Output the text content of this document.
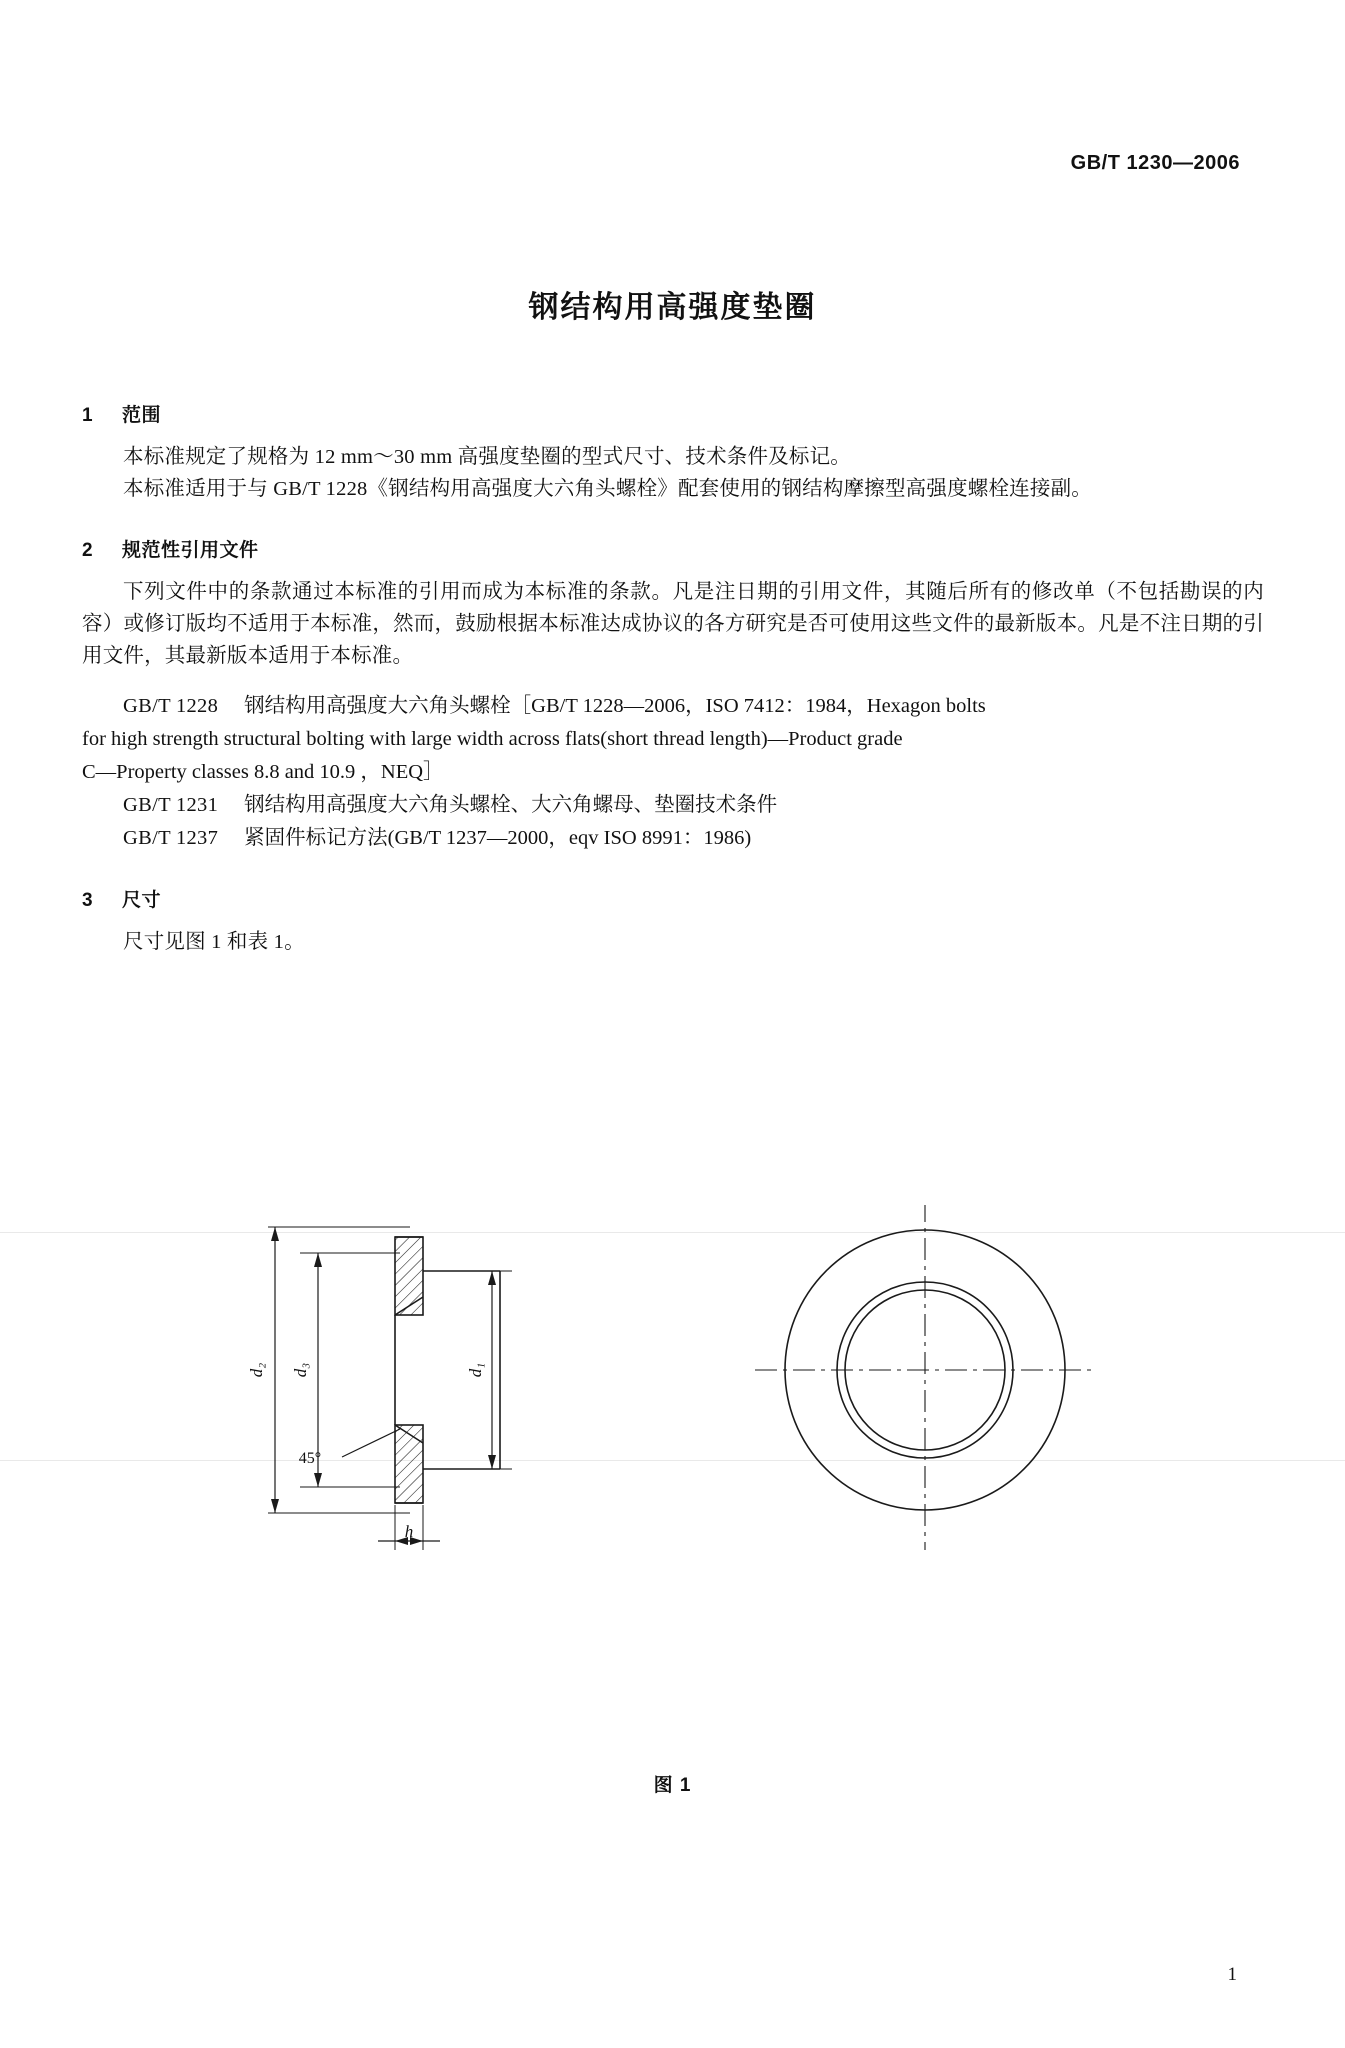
GB/T 1230—2006
钢结构用高强度垫圈
1 范围

本标准规定了规格为 12 mm～30 mm 高强度垫圈的型式尺寸、技术条件及标记。

本标准适用于与 GB/T 1228《钢结构用高强度大六角头螺栓》配套使用的钢结构摩擦型高强度螺栓连接副。

2 规范性引用文件

下列文件中的条款通过本标准的引用而成为本标准的条款。凡是注日期的引用文件，其随后所有的修改单（不包括勘误的内容）或修订版均不适用于本标准，然而，鼓励根据本标准达成协议的各方研究是否可使用这些文件的最新版本。凡是不注日期的引用文件，其最新版本适用于本标准。

GB/T 1228 钢结构用高强度大六角头螺栓［GB/T 1228—2006，ISO 7412：1984，Hexagon bolts

for high strength structural bolting with large width across flats(short thread length)—Product grade

C—Property classes 8.8 and 10.9 ，NEQ］

GB/T 1231 钢结构用高强度大六角头螺栓、大六角螺母、垫圈技术条件

GB/T 1237 紧固件标记方法(GB/T 1237—2000，eqv ISO 8991：1986)

3 尺寸

尺寸见图 1 和表 1。

d₂ d₃	d₁
45°
h
图 1
1
